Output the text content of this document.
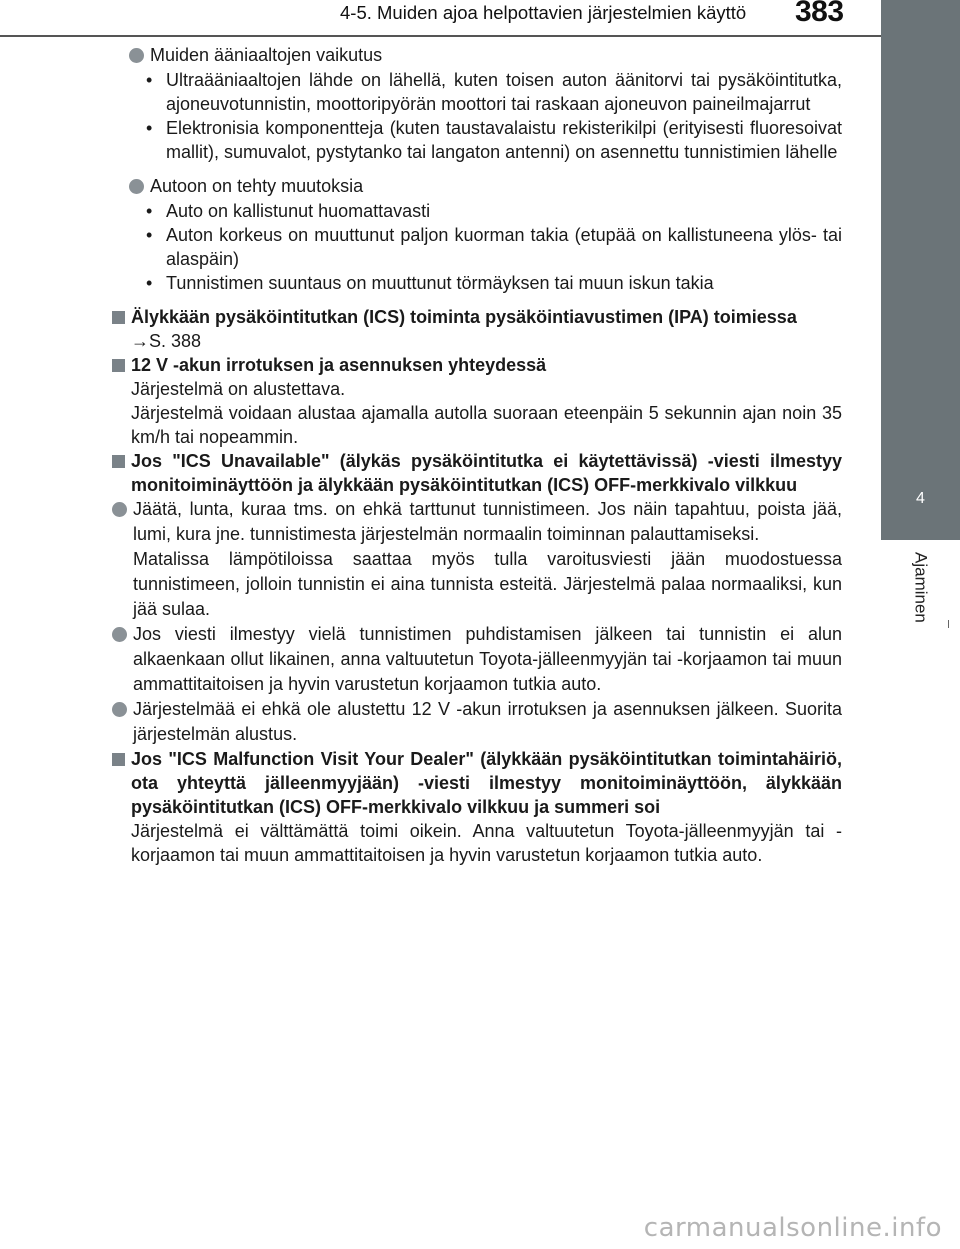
4-5. Muiden ajoa helpottavien järjestelmien käyttö 383
4
Ajaminen
Muiden ääniaaltojen vaikutus
• Ultraääniaaltojen lähde on lähellä, kuten toisen auton äänitorvi tai pysäköintitutka, ajoneuvotunnistin, moottoripyörän moottori tai raskaan ajoneuvon paineilmajarrut
• Elektronisia komponentteja (kuten taustavalaistu rekisterikilpi (erityisesti fluoresoivat mallit), sumuvalot, pystytanko tai langaton antenni) on asennettu tunnistimien lähelle
Autoon on tehty muutoksia
• Auto on kallistunut huomattavasti
• Auton korkeus on muuttunut paljon kuorman takia (etupää on kallistuneena ylös- tai alaspäin)
• Tunnistimen suuntaus on muuttunut törmäyksen tai muun iskun takia
Älykkään pysäköintitutkan (ICS) toiminta pysäköintiavustimen (IPA) toimiessa
→S. 388
12 V -akun irrotuksen ja asennuksen yhteydessä

Järjestelmä on alustettava.

Järjestelmä voidaan alustaa ajamalla autolla suoraan eteenpäin 5 sekunnin ajan noin 35 km/h tai nopeammin.

Jos "ICS Unavailable" (älykäs pysäköintitutka ei käytettävissä) -viesti ilmestyy monitoiminäyttöön ja älykkään pysäköintitutkan (ICS) OFF-merkkivalo vilkkuu
Jäätä, lunta, kuraa tms. on ehkä tarttunut tunnistimeen. Jos näin tapahtuu, poista jää, lumi, kura jne. tunnistimesta järjestelmän normaalin toiminnan palauttamiseksi.
Matalissa lämpötiloissa saattaa myös tulla varoitusviesti jään muodostuessa tunnistimeen, jolloin tunnistin ei aina tunnista esteitä. Järjestelmä palaa normaaliksi, kun jää sulaa.
Jos viesti ilmestyy vielä tunnistimen puhdistamisen jälkeen tai tunnistin ei alun alkaenkaan ollut likainen, anna valtuutetun Toyota-jälleenmyyjän tai -korjaamon tai muun ammattitaitoisen ja hyvin varustetun korjaamon tutkia auto.
Järjestelmää ei ehkä ole alustettu 12 V -akun irrotuksen ja asennuksen jälkeen. Suorita järjestelmän alustus.
Jos "ICS Malfunction Visit Your Dealer" (älykkään pysäköintitutkan toimintahäiriö, ota yhteyttä jälleenmyyjään) -viesti ilmestyy monitoiminäyttöön, älykkään pysäköintitutkan (ICS) OFF-merkkivalo vilkkuu ja summeri soi

Järjestelmä ei välttämättä toimi oikein. Anna valtuutetun Toyota-jälleenmyyjän tai -korjaamon tai muun ammattitaitoisen ja hyvin varustetun korjaamon tutkia auto.

carmanualsonline.info
